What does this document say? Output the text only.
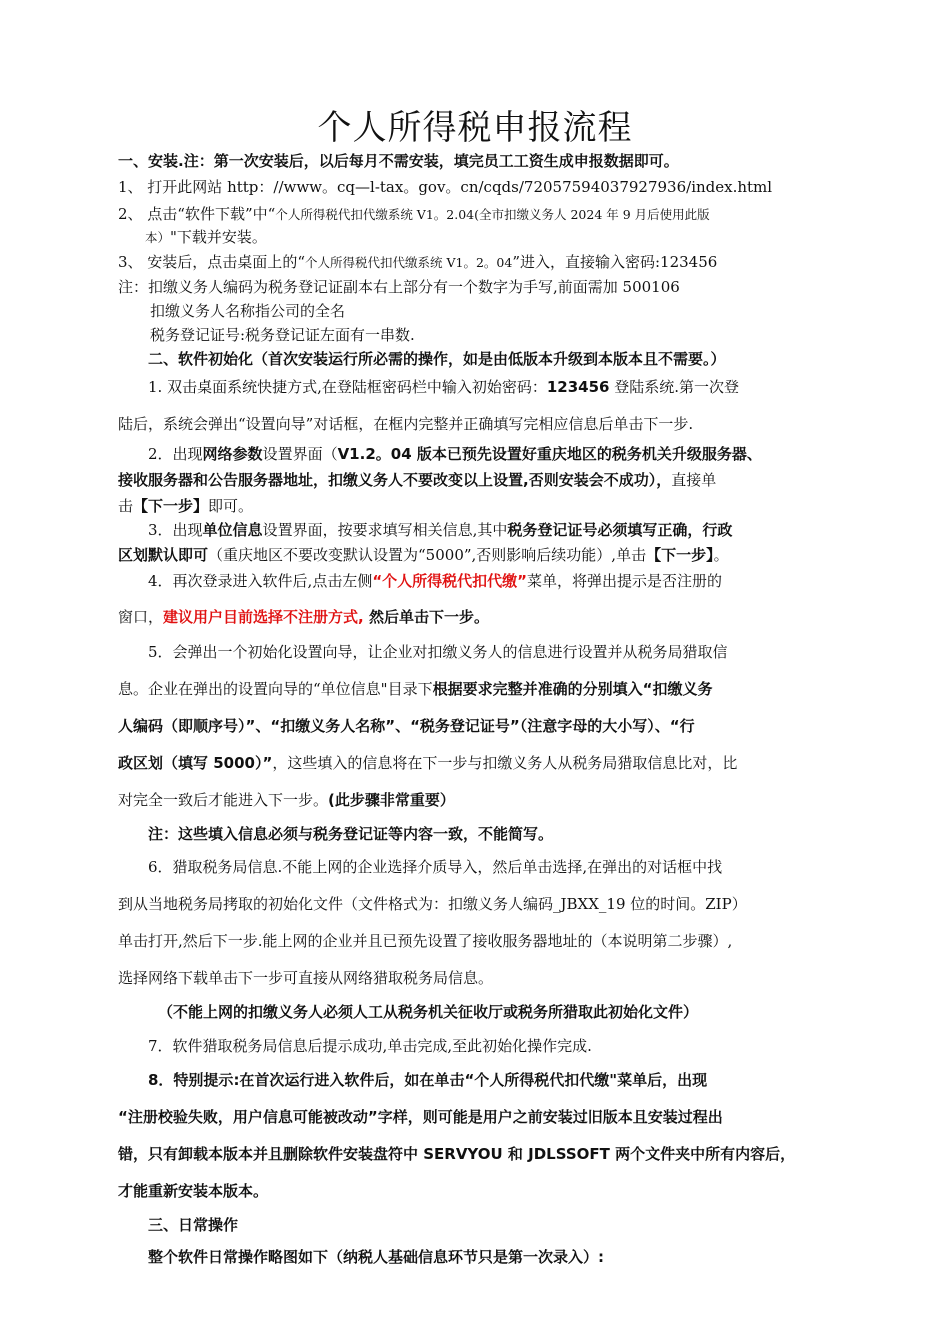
个人所得税申报流程
一、安装.注：第一次安装后，以后每月不需安装，填完员工工资生成申报数据即可。
1、 打开此网站 http：//www。cq—l-tax。gov。cn/cqds/72057594037927936/index.html
2、 点击“软件下载”中“个人所得税代扣代缴系统 V1。2.04(全市扣缴义务人 2024 年 9 月后使用此版
本）"下载并安装。
3、 安装后，点击桌面上的“个人所得税代扣代缴系统 V1。2。04”进入，直接输入密码:123456
注：扣缴义务人编码为税务登记证副本右上部分有一个数字为手写,前面需加 500106
扣缴义务人名称指公司的全名
税务登记证号:税务登记证左面有一串数.
二、软件初始化（首次安装运行所必需的操作，如是由低版本升级到本版本且不需要。）
1. 双击桌面系统快捷方式,在登陆框密码栏中输入初始密码：123456 登陆系统.第一次登
陆后，系统会弹出“设置向导”对话框，在框内完整并正确填写完相应信息后单击下一步.
2．出现网络参数设置界面（V1.2。04 版本已预先设置好重庆地区的税务机关升级服务器、
接收服务器和公告服务器地址，扣缴义务人不要改变以上设置,否则安装会不成功），直接单
击【下一步】即可。
3．出现单位信息设置界面，按要求填写相关信息,其中税务登记证号必须填写正确，行政
区划默认即可（重庆地区不要改变默认设置为“5000”,否则影响后续功能）,单击【下一步】。
4．再次登录进入软件后,点击左侧“个人所得税代扣代缴”菜单，将弹出提示是否注册的
窗口，建议用户目前选择不注册方式, 然后单击下一步。
5．会弹出一个初始化设置向导，让企业对扣缴义务人的信息进行设置并从税务局猎取信
息。企业在弹出的设置向导的“单位信息"目录下根据要求完整并准确的分别填入“扣缴义务
人编码（即顺序号）”、“扣缴义务人名称”、“税务登记证号”（注意字母的大小写）、“行
政区划（填写 5000）”，这些填入的信息将在下一步与扣缴义务人从税务局猎取信息比对，比
对完全一致后才能进入下一步。(此步骤非常重要）
注：这些填入信息必须与税务登记证等内容一致，不能简写。
6．猎取税务局信息.不能上网的企业选择介质导入，然后单击选择,在弹出的对话框中找
到从当地税务局拷取的初始化文件（文件格式为：扣缴义务人编码_JBXX_19 位的时间。ZIP）
单击打开,然后下一步.能上网的企业并且已预先设置了接收服务器地址的（本说明第二步骤）,
选择网络下载单击下一步可直接从网络猎取税务局信息。
（不能上网的扣缴义务人必须人工从税务机关征收厅或税务所猎取此初始化文件）
7．软件猎取税务局信息后提示成功,单击完成,至此初始化操作完成.
8．特别提示:在首次运行进入软件后，如在单击“个人所得税代扣代缴"菜单后，出现
“注册校验失败，用户信息可能被改动”字样，则可能是用户之前安装过旧版本且安装过程出
错，只有卸载本版本并且删除软件安装盘符中 SERVYOU 和 JDLSSOFT 两个文件夹中所有内容后，
才能重新安装本版本。
三、日常操作
整个软件日常操作略图如下（纳税人基础信息环节只是第一次录入）:
